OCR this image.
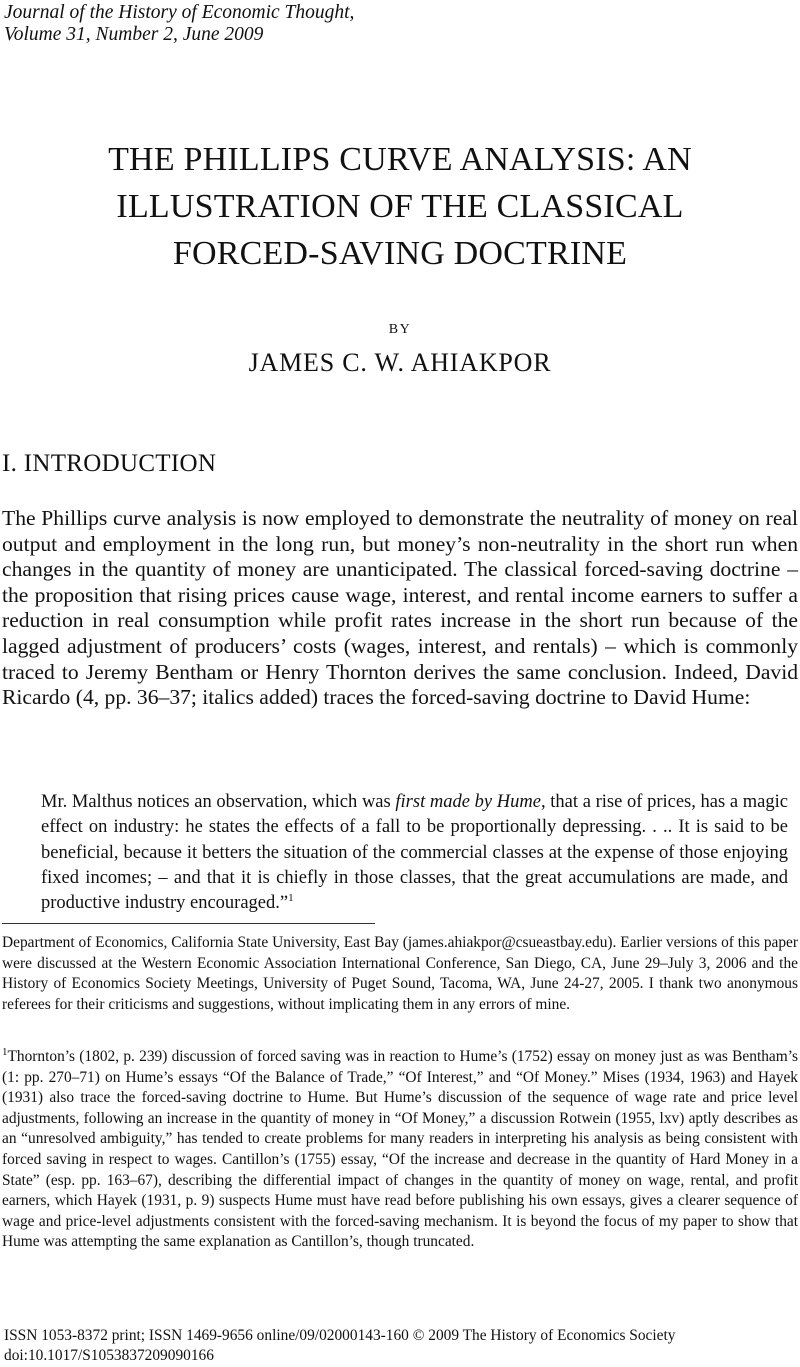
Journal of the History of Economic Thought,
Volume 31, Number 2, June 2009
THE PHILLIPS CURVE ANALYSIS: AN
ILLUSTRATION OF THE CLASSICAL
FORCED-SAVING DOCTRINE
BY
JAMES C. W. AHIAKPOR
I. INTRODUCTION

The Phillips curve analysis is now employed to demonstrate the neutrality of money on real output and employment in the long run, but money’s non-neutrality in the short run when changes in the quantity of money are unanticipated. The classical forced-saving doctrine – the proposition that rising prices cause wage, interest, and rental income earners to suffer a reduction in real consumption while profit rates increase in the short run because of the lagged adjustment of producers’ costs (wages, interest, and rentals) – which is commonly traced to Jeremy Bentham or Henry Thornton derives the same conclusion. Indeed, David Ricardo (4, pp. 36–37; italics added) traces the forced-saving doctrine to David Hume:

Mr. Malthus notices an observation, which was first made by Hume, that a rise of prices, has a magic effect on industry: he states the effects of a fall to be proportionally depressing. . .. It is said to be beneficial, because it betters the situation of the commercial classes at the expense of those enjoying fixed incomes; – and that it is chiefly in those classes, that the great accumulations are made, and productive industry encouraged.”$^1$

Department of Economics, California State University, East Bay (james.ahiakpor@csueastbay.edu). Earlier versions of this paper were discussed at the Western Economic Association International Conference, San Diego, CA, June 29–July 3, 2006 and the History of Economics Society Meetings, University of Puget Sound, Tacoma, WA, June 24-27, 2005. I thank two anonymous referees for their criticisms and suggestions, without implicating them in any errors of mine.

$^1$Thornton’s (1802, p. 239) discussion of forced saving was in reaction to Hume’s (1752) essay on money just as was Bentham’s (1: pp. 270–71) on Hume’s essays “Of the Balance of Trade,” “Of Interest,” and “Of Money.” Mises (1934, 1963) and Hayek (1931) also trace the forced-saving doctrine to Hume. But Hume’s discussion of the sequence of wage rate and price level adjustments, following an increase in the quantity of money in “Of Money,” a discussion Rotwein (1955, lxv) aptly describes as an “unresolved ambiguity,” has tended to create problems for many readers in interpreting his analysis as being consistent with forced saving in respect to wages. Cantillon’s (1755) essay, “Of the increase and decrease in the quantity of Hard Money in a State” (esp. pp. 163–67), describing the differential impact of changes in the quantity of money on wage, rental, and profit earners, which Hayek (1931, p. 9) suspects Hume must have read before publishing his own essays, gives a clearer sequence of wage and price-level adjustments consistent with the forced-saving mechanism. It is beyond the focus of my paper to show that Hume was attempting the same explanation as Cantillon’s, though truncated.

ISSN 1053-8372 print; ISSN 1469-9656 online/09/02000143-160 © 2009 The History of Economics Society
doi:10.1017/S1053837209090166
